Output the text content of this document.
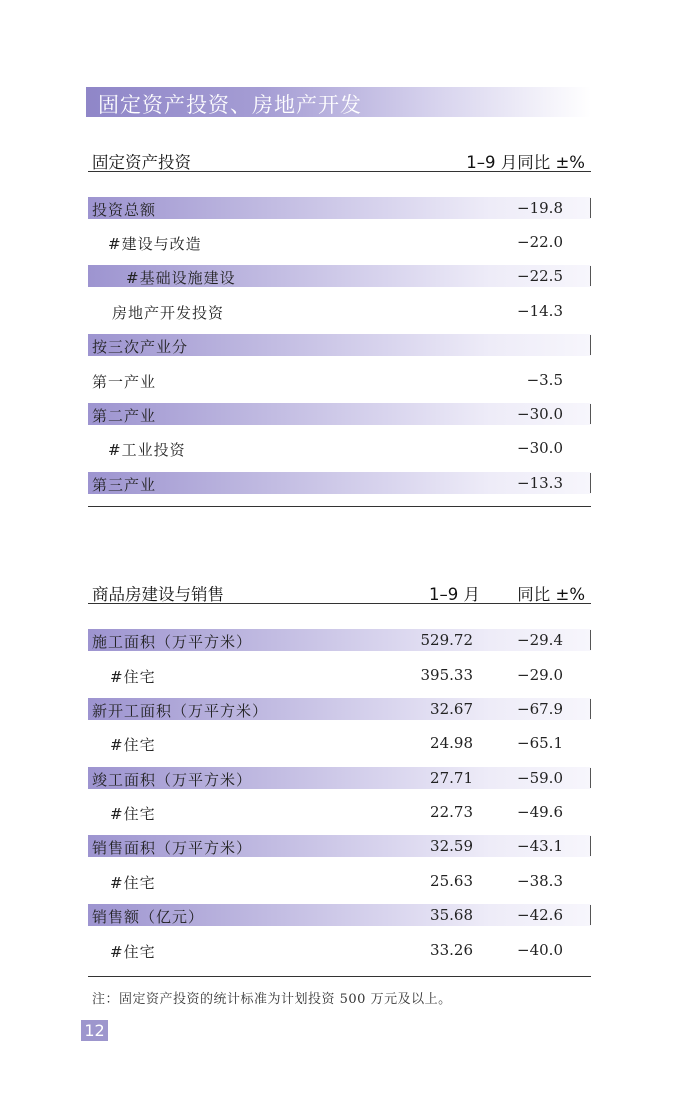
固定资产投资、房地产开发
固定资产投资	1–9 月同比 ±%
投资总额	−19.8
#建设与改造	−22.0
#基础设施建设	−22.5
房地产开发投资	−14.3
按三次产业分
第一产业	−3.5
第二产业	−30.0
#工业投资	−30.0
第三产业	−13.3
商品房建设与销售	1–9 月 同比 ±%
施工面积（万平方米）	529.72	−29.4
#住宅	395.33	−29.0
新开工面积（万平方米）	32.67	−67.9
#住宅	24.98	−65.1
竣工面积（万平方米）	27.71	−59.0
#住宅	22.73	−49.6
销售面积（万平方米）	32.59	−43.1
#住宅	25.63	−38.3
销售额（亿元）	35.68	−42.6
#住宅	33.26	−40.0
注：固定资产投资的统计标准为计划投资 500 万元及以上。
12
